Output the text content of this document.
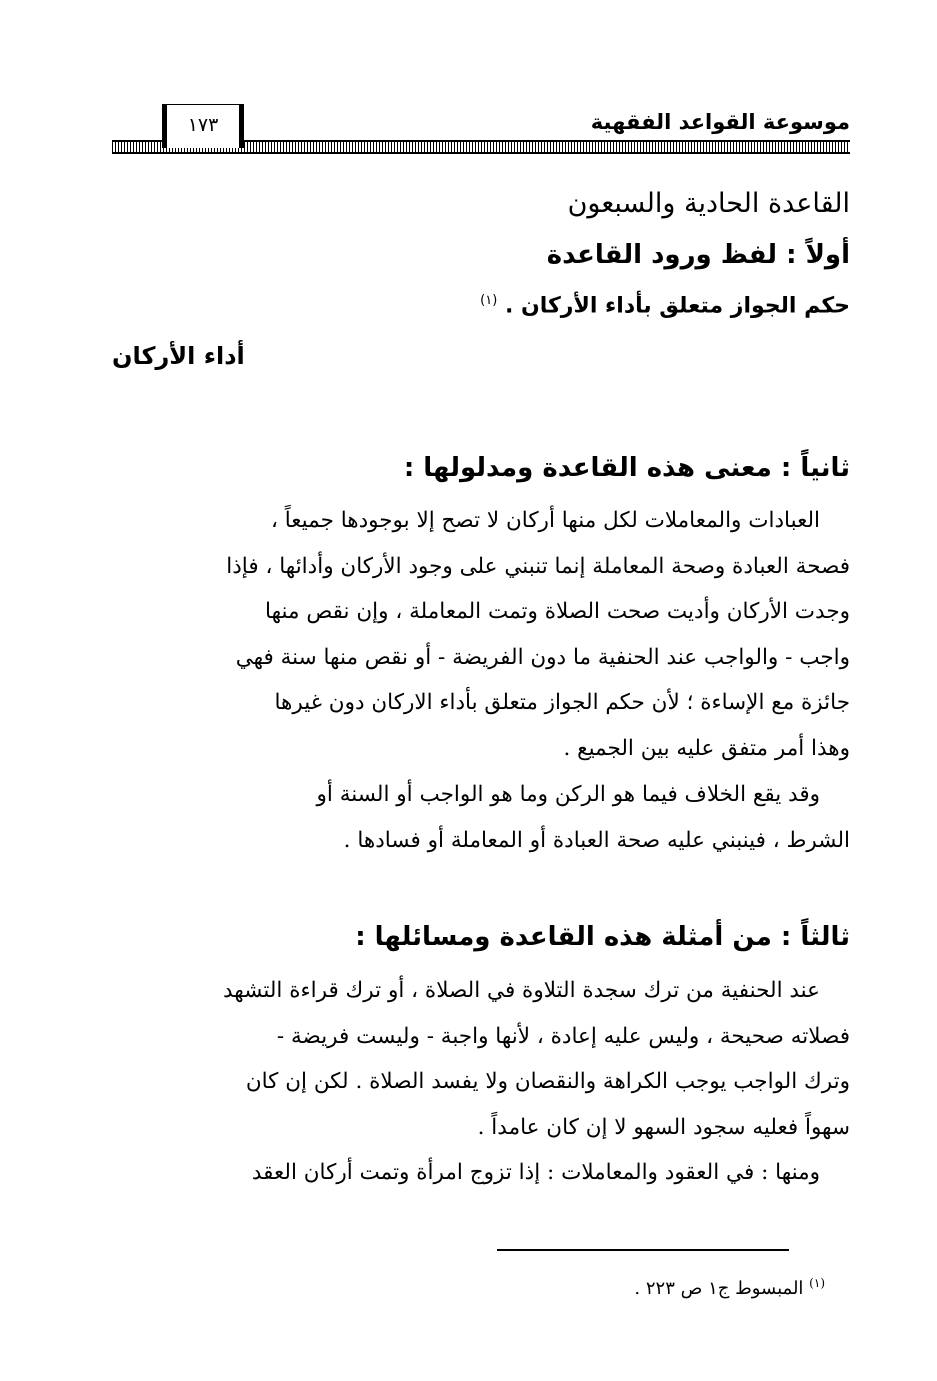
١٧٣	موسوعة القواعد الفقهية
القاعدة الحادية والسبعون
أولاً : لفظ ورود القاعدة
حكم الجواز متعلق بأداء الأركان . $^{(١)}$
أداء الأركان
ثانياً : معنى هذه القاعدة ومدلولها :
العبادات والمعاملات لكل منها أركان لا تصح إلا بوجودها جميعاً ،
فصحة العبادة وصحة المعاملة إنما تنبني على وجود الأركان وأدائها ، فإذا
وجدت الأركان وأديت صحت الصلاة وتمت المعاملة ، وإن نقص منها
واجب - والواجب عند الحنفية ما دون الفريضة - أو نقص منها سنة فهي
جائزة مع الإساءة ؛ لأن حكم الجواز متعلق بأداء الاركان دون غيرها
وهذا أمر متفق عليه بين الجميع .
وقد يقع الخلاف فيما هو الركن وما هو الواجب أو السنة أو
الشرط ، فينبني عليه صحة العبادة أو المعاملة أو فسادها .
ثالثاً : من أمثلة هذه القاعدة ومسائلها :
عند الحنفية من ترك سجدة التلاوة في الصلاة ، أو ترك قراءة التشهد
فصلاته صحيحة ، وليس عليه إعادة ، لأنها واجبة - وليست فريضة -
وترك الواجب يوجب الكراهة والنقصان ولا يفسد الصلاة . لكن إن كان
سهواً فعليه سجود السهو لا إن كان عامداً .
ومنها : في العقود والمعاملات : إذا تزوج امرأة وتمت أركان العقد
$^{(١)}$ المبسوط ج١ ص ٢٢٣ .
